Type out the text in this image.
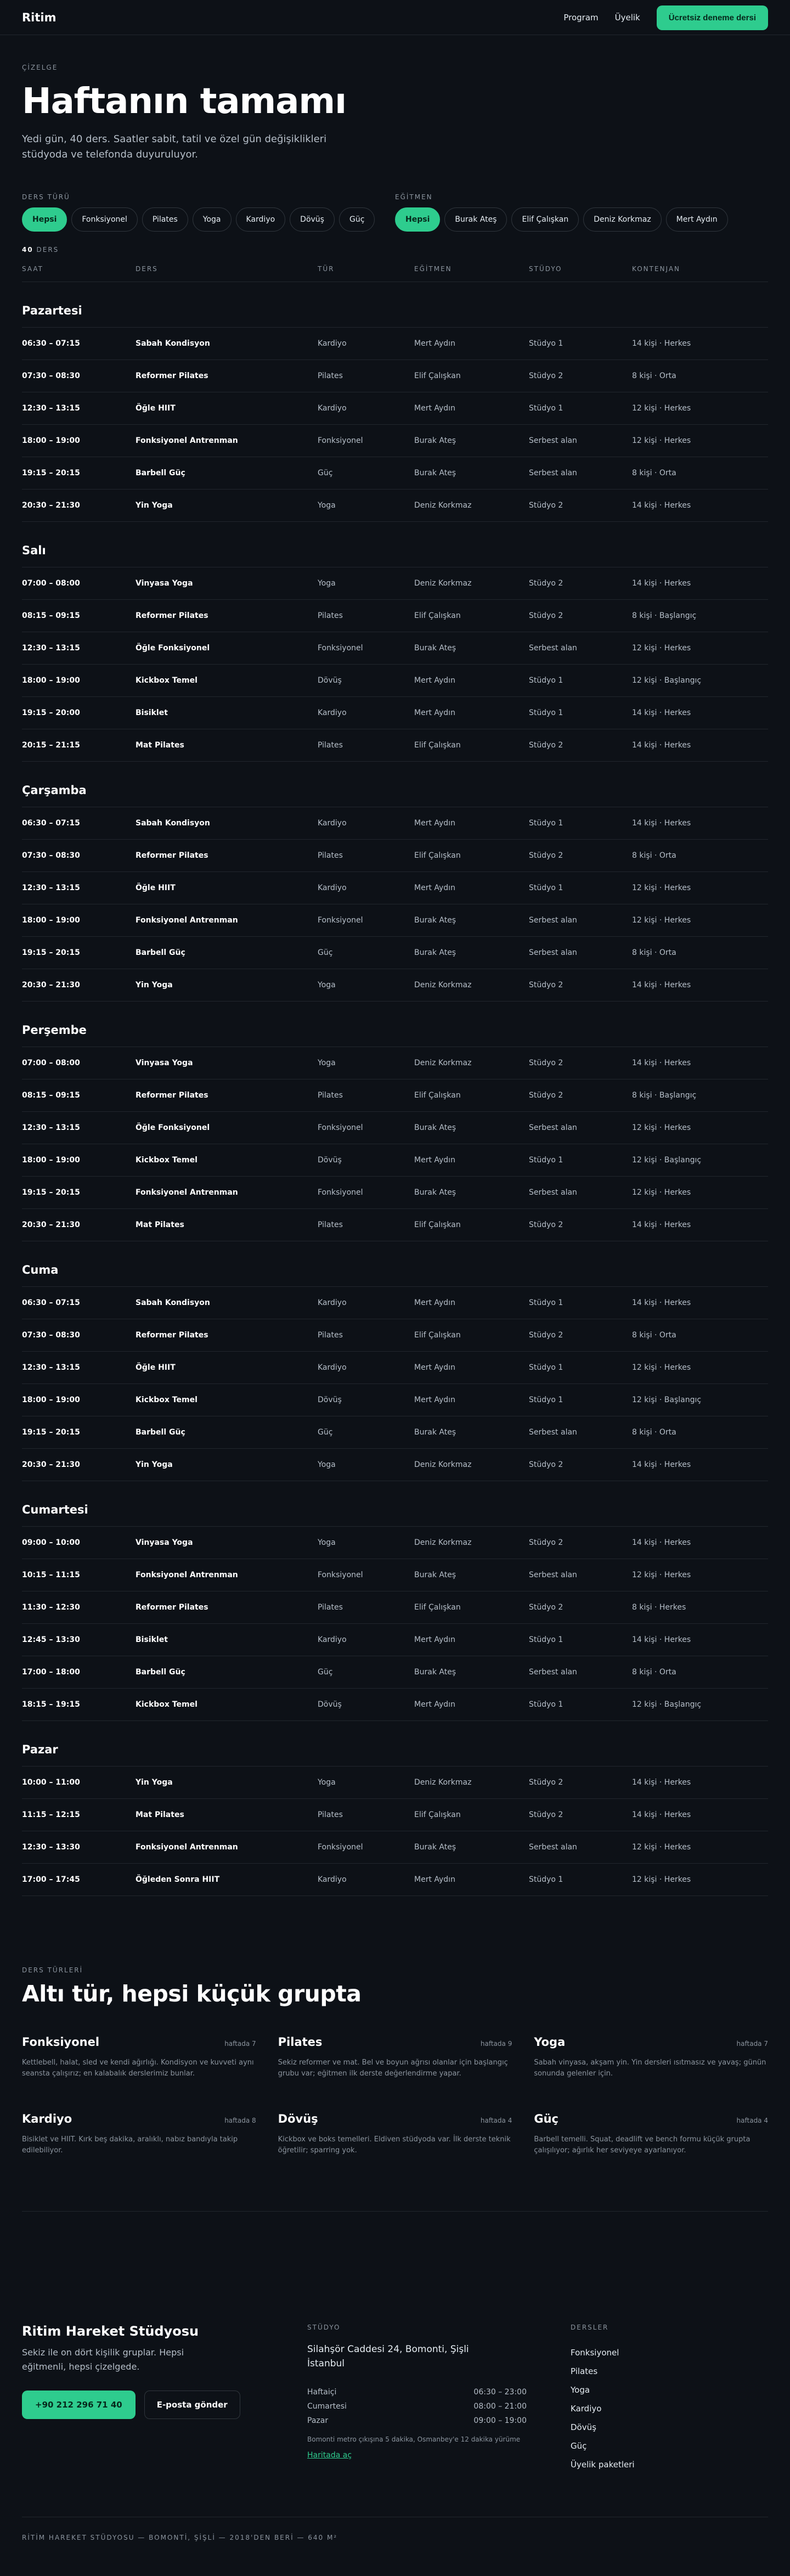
Ritim	Program Üyelik	Ücretsiz deneme dersi
ÇİZELGE
Haftanın tamamı

Yedi gün, 40 ders. Saatler sabit, tatil ve özel gün değişiklikleri stüdyoda ve telefonda duyuruluyor.

DERS TÜRÜ
Hepsi	Fonksiyonel	Pilates	Yoga	Kardiyo	Dövüş	Güç
EĞİTMEN
Hepsi	Burak Ateş	Elif Çalışkan	Deniz Korkmaz	Mert Aydın
40 DERS
SAAT	DERS	TÜR	EĞİTMEN	STÜDYO	KONTENJAN
Pazartesi
06:30 – 07:15	Sabah Kondisyon	Kardiyo	Mert Aydın	Stüdyo 1	14 kişi · Herkes
07:30 – 08:30	Reformer Pilates	Pilates	Elif Çalışkan	Stüdyo 2	8 kişi · Orta
12:30 – 13:15	Öğle HIIT	Kardiyo	Mert Aydın	Stüdyo 1	12 kişi · Herkes
18:00 – 19:00	Fonksiyonel Antrenman	Fonksiyonel	Burak Ateş	Serbest alan	12 kişi · Herkes
19:15 – 20:15	Barbell Güç	Güç	Burak Ateş	Serbest alan	8 kişi · Orta
20:30 – 21:30	Yin Yoga	Yoga	Deniz Korkmaz	Stüdyo 2	14 kişi · Herkes
Salı
07:00 – 08:00	Vinyasa Yoga	Yoga	Deniz Korkmaz	Stüdyo 2	14 kişi · Herkes
08:15 – 09:15	Reformer Pilates	Pilates	Elif Çalışkan	Stüdyo 2	8 kişi · Başlangıç
12:30 – 13:15	Öğle Fonksiyonel	Fonksiyonel	Burak Ateş	Serbest alan	12 kişi · Herkes
18:00 – 19:00	Kickbox Temel	Dövüş	Mert Aydın	Stüdyo 1	12 kişi · Başlangıç
19:15 – 20:00	Bisiklet	Kardiyo	Mert Aydın	Stüdyo 1	14 kişi · Herkes
20:15 – 21:15	Mat Pilates	Pilates	Elif Çalışkan	Stüdyo 2	14 kişi · Herkes
Çarşamba
06:30 – 07:15	Sabah Kondisyon	Kardiyo	Mert Aydın	Stüdyo 1	14 kişi · Herkes
07:30 – 08:30	Reformer Pilates	Pilates	Elif Çalışkan	Stüdyo 2	8 kişi · Orta
12:30 – 13:15	Öğle HIIT	Kardiyo	Mert Aydın	Stüdyo 1	12 kişi · Herkes
18:00 – 19:00	Fonksiyonel Antrenman	Fonksiyonel	Burak Ateş	Serbest alan	12 kişi · Herkes
19:15 – 20:15	Barbell Güç	Güç	Burak Ateş	Serbest alan	8 kişi · Orta
20:30 – 21:30	Yin Yoga	Yoga	Deniz Korkmaz	Stüdyo 2	14 kişi · Herkes
Perşembe
07:00 – 08:00	Vinyasa Yoga	Yoga	Deniz Korkmaz	Stüdyo 2	14 kişi · Herkes
08:15 – 09:15	Reformer Pilates	Pilates	Elif Çalışkan	Stüdyo 2	8 kişi · Başlangıç
12:30 – 13:15	Öğle Fonksiyonel	Fonksiyonel	Burak Ateş	Serbest alan	12 kişi · Herkes
18:00 – 19:00	Kickbox Temel	Dövüş	Mert Aydın	Stüdyo 1	12 kişi · Başlangıç
19:15 – 20:15	Fonksiyonel Antrenman	Fonksiyonel	Burak Ateş	Serbest alan	12 kişi · Herkes
20:30 – 21:30	Mat Pilates	Pilates	Elif Çalışkan	Stüdyo 2	14 kişi · Herkes
Cuma
06:30 – 07:15	Sabah Kondisyon	Kardiyo	Mert Aydın	Stüdyo 1	14 kişi · Herkes
07:30 – 08:30	Reformer Pilates	Pilates	Elif Çalışkan	Stüdyo 2	8 kişi · Orta
12:30 – 13:15	Öğle HIIT	Kardiyo	Mert Aydın	Stüdyo 1	12 kişi · Herkes
18:00 – 19:00	Kickbox Temel	Dövüş	Mert Aydın	Stüdyo 1	12 kişi · Başlangıç
19:15 – 20:15	Barbell Güç	Güç	Burak Ateş	Serbest alan	8 kişi · Orta
20:30 – 21:30	Yin Yoga	Yoga	Deniz Korkmaz	Stüdyo 2	14 kişi · Herkes
Cumartesi
09:00 – 10:00	Vinyasa Yoga	Yoga	Deniz Korkmaz	Stüdyo 2	14 kişi · Herkes
10:15 – 11:15	Fonksiyonel Antrenman	Fonksiyonel	Burak Ateş	Serbest alan	12 kişi · Herkes
11:30 – 12:30	Reformer Pilates	Pilates	Elif Çalışkan	Stüdyo 2	8 kişi · Herkes
12:45 – 13:30	Bisiklet	Kardiyo	Mert Aydın	Stüdyo 1	14 kişi · Herkes
17:00 – 18:00	Barbell Güç	Güç	Burak Ateş	Serbest alan	8 kişi · Orta
18:15 – 19:15	Kickbox Temel	Dövüş	Mert Aydın	Stüdyo 1	12 kişi · Başlangıç
Pazar
10:00 – 11:00	Yin Yoga	Yoga	Deniz Korkmaz	Stüdyo 2	14 kişi · Herkes
11:15 – 12:15	Mat Pilates	Pilates	Elif Çalışkan	Stüdyo 2	14 kişi · Herkes
12:30 – 13:30	Fonksiyonel Antrenman	Fonksiyonel	Burak Ateş	Serbest alan	12 kişi · Herkes
17:00 – 17:45	Öğleden Sonra HIIT	Kardiyo	Mert Aydın	Stüdyo 1	12 kişi · Herkes
DERS TÜRLERİ
Altı tür, hepsi küçük grupta
Fonksiyonel	haftada 7

Kettlebell, halat, sled ve kendi ağırlığı. Kondisyon ve kuvveti aynı seansta çalışırız; en kalabalık derslerimiz bunlar.

Pilates	haftada 9

Sekiz reformer ve mat. Bel ve boyun ağrısı olanlar için başlangıç grubu var; eğitmen ilk derste değerlendirme yapar.

Yoga	haftada 7

Sabah vinyasa, akşam yin. Yin dersleri ısıtmasız ve yavaş; günün sonunda gelenler için.

Kardiyo	haftada 8

Bisiklet ve HIIT. Kırk beş dakika, aralıklı, nabız bandıyla takip edilebiliyor.

Dövüş	haftada 4

Kickbox ve boks temelleri. Eldiven stüdyoda var. İlk derste teknik öğretilir; sparring yok.

Güç	haftada 4

Barbell temelli. Squat, deadlift ve bench formu küçük grupta çalışılıyor; ağırlık her seviyeye ayarlanıyor.

Ritim Hareket Stüdyosu

Sekiz ile on dört kişilik gruplar. Hepsi eğitmenli, hepsi çizelgede.

+90 212 296 71 40	E-posta gönder
STÜDYO

Silahşör Caddesi 24, Bomonti, Şişli İstanbul

Haftaiçi	06:30 – 23:00
Cumartesi	08:00 – 21:00
Pazar	09:00 – 19:00

Bomonti metro çıkışına 5 dakika, Osmanbey'e 12 dakika yürüme

Haritada aç
DERSLER
Fonksiyonel
Pilates
Yoga
Kardiyo
Dövüş
Güç
Üyelik paketleri
RİTİM HAREKET STÜDYOSU — BOMONTİ, ŞİŞLİ — 2018'DEN BERİ — 640 M²
